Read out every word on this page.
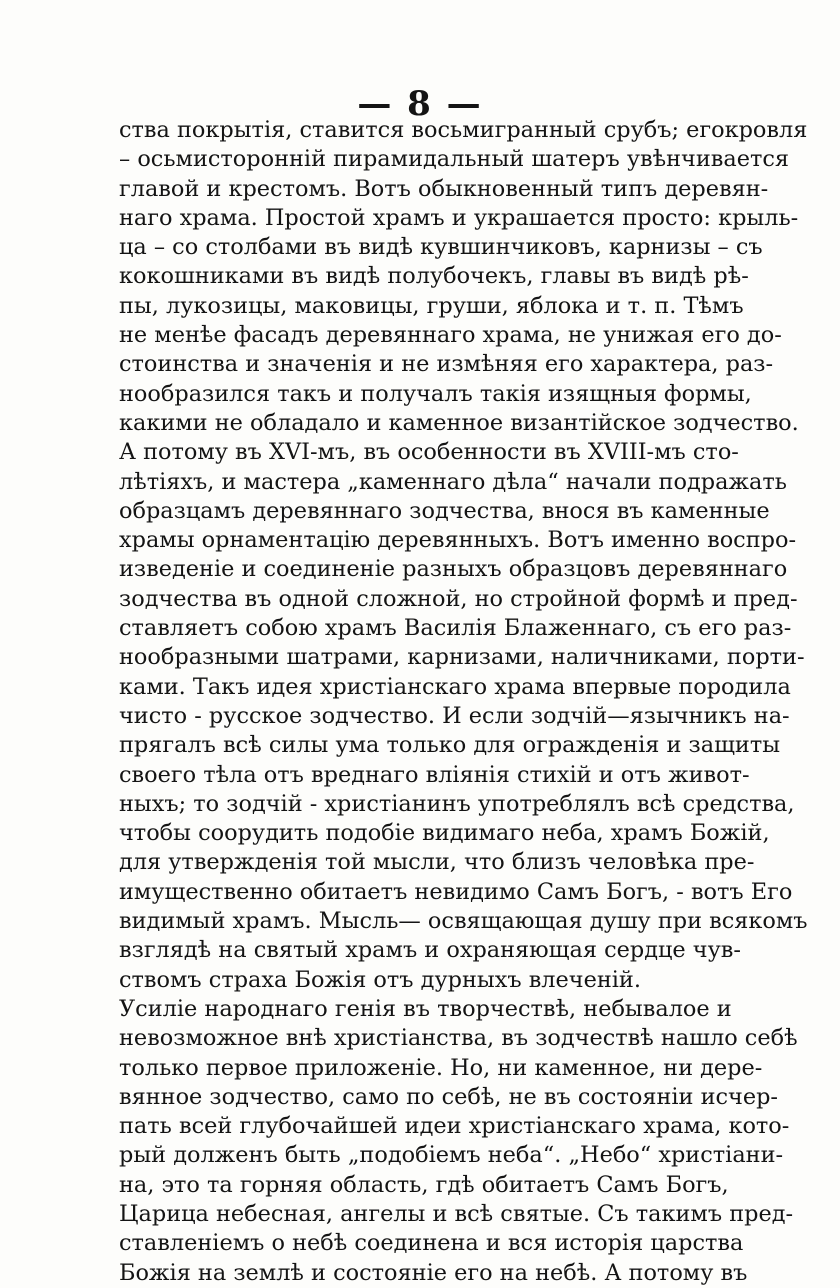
— 8 —
ства покрытія, ставится восьмигранный срубъ; егокровля
– осьмистороннiй пирамидальный шатеръ увѣнчивается
главой и крестомъ. Вотъ обыкновенный типъ деревян-
наго храма. Простой храмъ и украшается просто: крыль-
ца – со столбами въ видѣ кувшинчиковъ, карнизы – съ
кокошниками въ видѣ полубочекъ, главы въ видѣ рѣ-
пы, лукозицы, маковицы, груши, яблока и т. п. Тѣмъ
не менѣе фасадъ деревяннаго храма, не унижая его до-
стоинства и значенія и не измѣняя его характера, раз-
нообразился такъ и получалъ такія изящныя формы,
какими не обладало и каменное византійское зодчество.
А потому въ XVI-мъ, въ особенности въ XVIII-мъ сто-
лѣтіяхъ, и мастера „каменнаго дѣла“ начали подражать
образцамъ деревяннаго зодчества, внося въ каменные
храмы орнаментацію деревянныхъ. Вотъ именно воспро-
изведеніе и соединеніе разныхъ образцовъ деревяннаго
зодчества въ одной сложной, но стройной формѣ и пред-
ставляетъ собою храмъ Василія Блаженнаго, съ его раз-
нообразными шатрами, карнизами, наличниками, порти-
ками. Такъ идея христіанскаго храма впервые породила
чисто - русское зодчество. И если зодчій—язычникъ на-
прягалъ всѣ силы ума только для огражденія и защиты
своего тѣла отъ вреднаго вліянія стихій и отъ живот-
ныхъ; то зодчій - христіанинъ употреблялъ всѣ средства,
чтобы соорудить подобіе видимаго неба, храмъ Божій,
для утвержденія той мысли, что близъ человѣка пре-
имущественно обитаетъ невидимо Самъ Богъ, - вотъ Его
видимый храмъ. Мысль— освящающая душу при всякомъ
взглядѣ на святый храмъ и охраняющая сердце чув-
ствомъ страха Божія отъ дурныхъ влеченій.
Усиліе народнаго генія въ творчествѣ, небывалое и
невозможное внѣ христіанства, въ зодчествѣ нашло себѣ
только первое приложеніе. Но, ни каменное, ни дере-
вянное зодчество, само по себѣ, не въ состояніи исчер-
пать всей глубочайшей идеи христіанскаго храма, кото-
рый долженъ быть „подобіемъ неба“. „Небо“ христіани-
на, это та горняя область, гдѣ обитаетъ Самъ Богъ,
Царица небесная, ангелы и всѣ святые. Съ такимъ пред-
ставленіемъ о небѣ соединена и вся исторія царства
Божія на землѣ и состояніе его на небѣ. А потому въ
